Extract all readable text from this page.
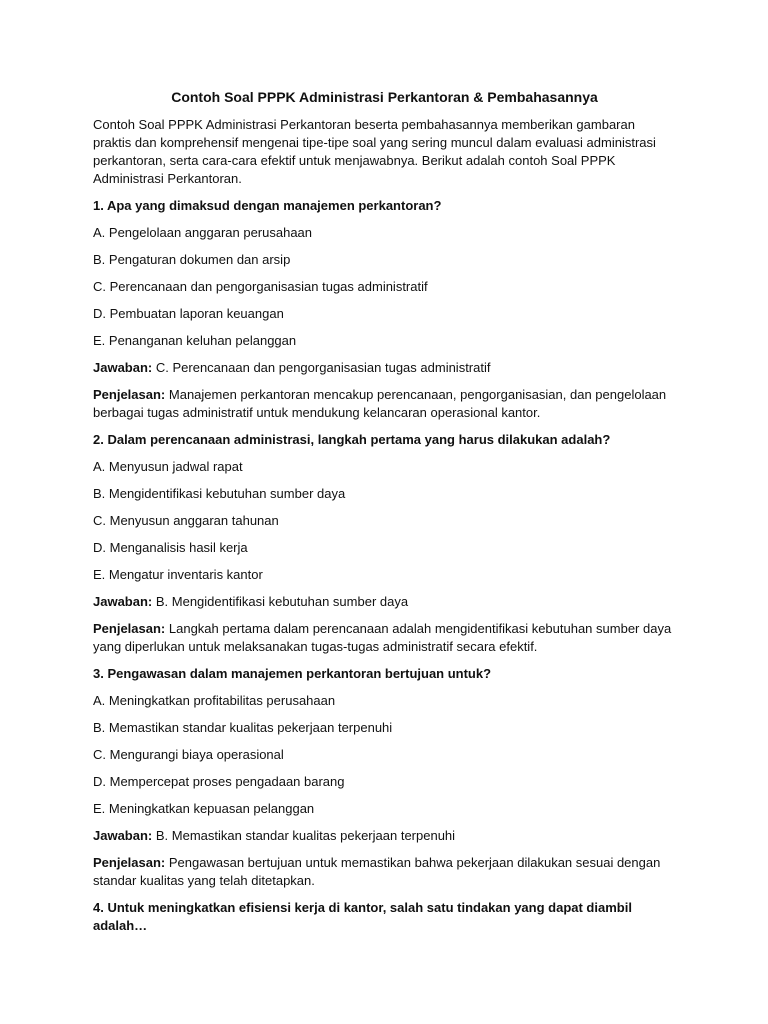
Contoh Soal PPPK Administrasi Perkantoran & Pembahasannya

Contoh Soal PPPK Administrasi Perkantoran beserta pembahasannya memberikan gambaran praktis dan komprehensif mengenai tipe-tipe soal yang sering muncul dalam evaluasi administrasi perkantoran, serta cara-cara efektif untuk menjawabnya. Berikut adalah contoh Soal PPPK Administrasi Perkantoran.

1. Apa yang dimaksud dengan manajemen perkantoran?

A. Pengelolaan anggaran perusahaan

B. Pengaturan dokumen dan arsip

C. Perencanaan dan pengorganisasian tugas administratif

D. Pembuatan laporan keuangan

E. Penanganan keluhan pelanggan

Jawaban: C. Perencanaan dan pengorganisasian tugas administratif

Penjelasan: Manajemen perkantoran mencakup perencanaan, pengorganisasian, dan pengelolaan berbagai tugas administratif untuk mendukung kelancaran operasional kantor.

2. Dalam perencanaan administrasi, langkah pertama yang harus dilakukan adalah?

A. Menyusun jadwal rapat

B. Mengidentifikasi kebutuhan sumber daya

C. Menyusun anggaran tahunan

D. Menganalisis hasil kerja

E. Mengatur inventaris kantor

Jawaban: B. Mengidentifikasi kebutuhan sumber daya

Penjelasan: Langkah pertama dalam perencanaan adalah mengidentifikasi kebutuhan sumber daya yang diperlukan untuk melaksanakan tugas-tugas administratif secara efektif.

3. Pengawasan dalam manajemen perkantoran bertujuan untuk?

A. Meningkatkan profitabilitas perusahaan

B. Memastikan standar kualitas pekerjaan terpenuhi

C. Mengurangi biaya operasional

D. Mempercepat proses pengadaan barang

E. Meningkatkan kepuasan pelanggan

Jawaban: B. Memastikan standar kualitas pekerjaan terpenuhi

Penjelasan: Pengawasan bertujuan untuk memastikan bahwa pekerjaan dilakukan sesuai dengan standar kualitas yang telah ditetapkan.

4. Untuk meningkatkan efisiensi kerja di kantor, salah satu tindakan yang dapat diambil adalah…
